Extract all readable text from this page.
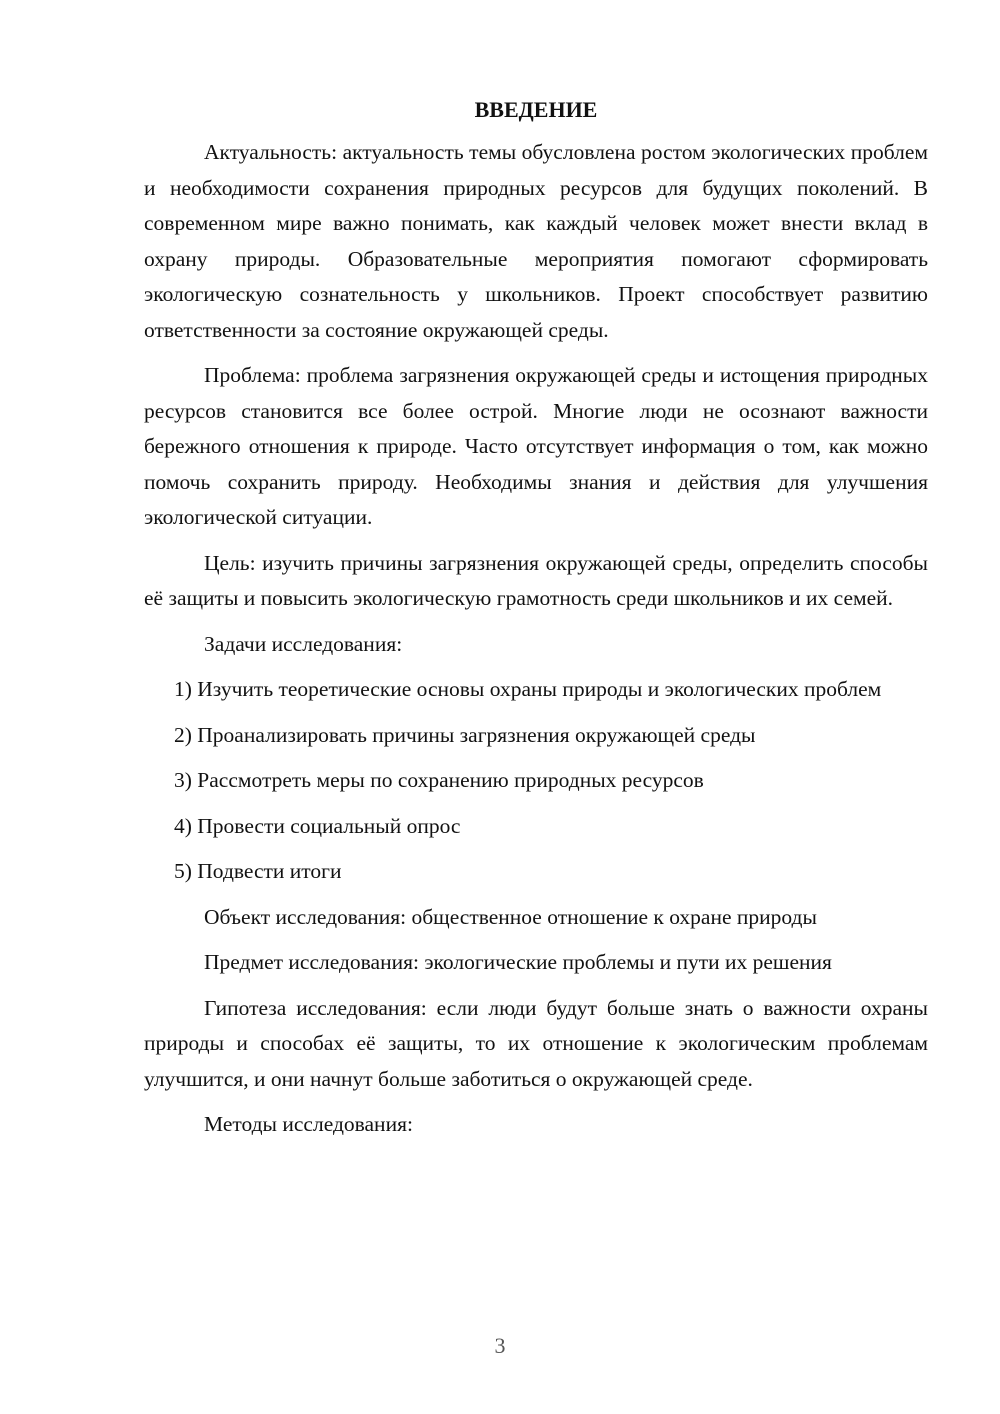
ВВЕДЕНИЕ

Актуальность: актуальность темы обусловлена ростом экологических проблем и необходимости сохранения природных ресурсов для будущих поколений. В современном мире важно понимать, как каждый человек может внести вклад в охрану природы. Образовательные мероприятия помогают сформировать экологическую сознательность у школьников. Проект способствует развитию ответственности за состояние окружающей среды.

Проблема: проблема загрязнения окружающей среды и истощения природных ресурсов становится все более острой. Многие люди не осознают важности бережного отношения к природе. Часто отсутствует информация о том, как можно помочь сохранить природу. Необходимы знания и действия для улучшения экологической ситуации.

Цель: изучить причины загрязнения окружающей среды, определить способы её защиты и повысить экологическую грамотность среди школьников и их семей.

Задачи исследования:

1) Изучить теоретические основы охраны природы и экологических проблем

2) Проанализировать причины загрязнения окружающей среды

3) Рассмотреть меры по сохранению природных ресурсов

4) Провести социальный опрос

5) Подвести итоги

Объект исследования: общественное отношение к охране природы

Предмет исследования: экологические проблемы и пути их решения

Гипотеза исследования: если люди будут больше знать о важности охраны природы и способах её защиты, то их отношение к экологическим проблемам улучшится, и они начнут больше заботиться о окружающей среде.

Методы исследования:

3
